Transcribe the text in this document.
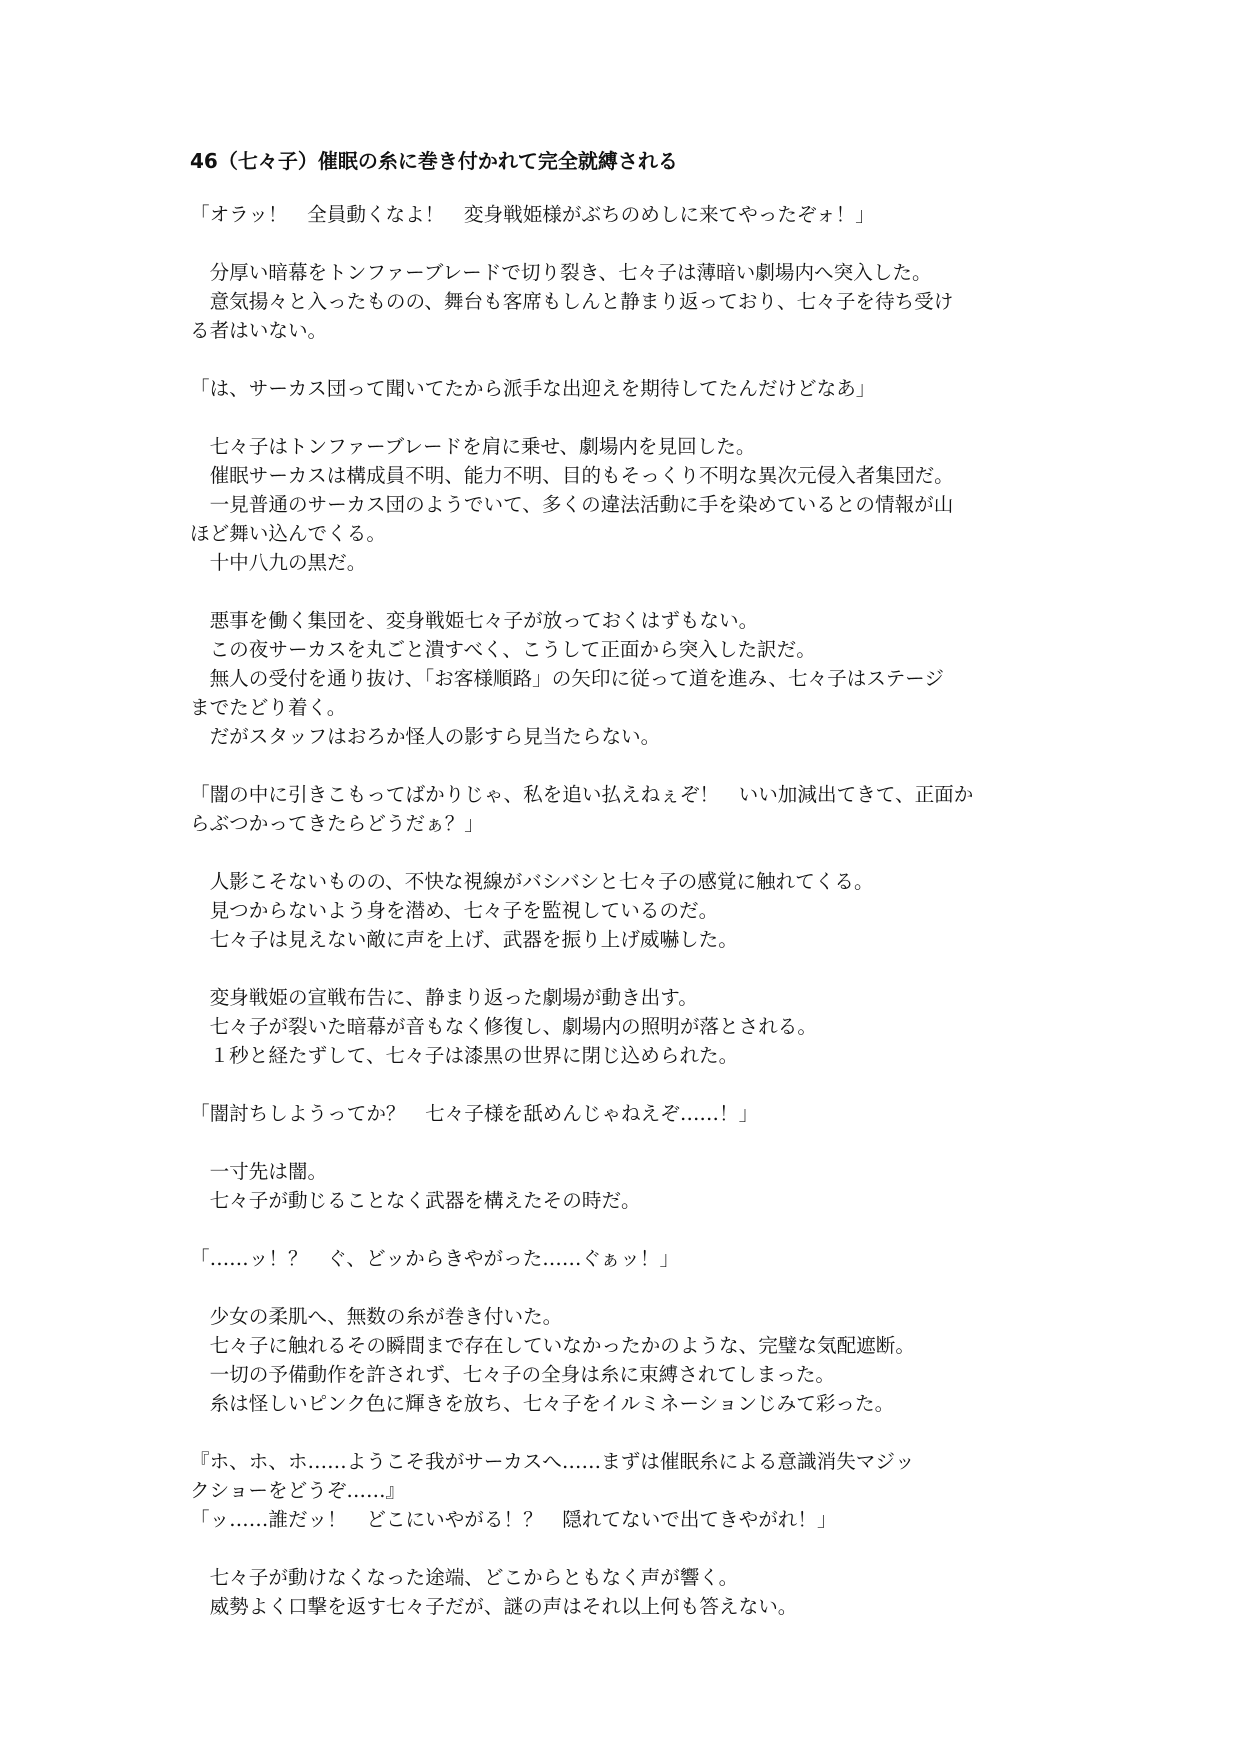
46（七々子）催眠の糸に巻き付かれて完全就縛される
「オラッ！　全員動くなよ！　変身戦姫様がぶちのめしに来てやったぞォ！」
　分厚い暗幕をトンファーブレードで切り裂き、七々子は薄暗い劇場内へ突入した。
　意気揚々と入ったものの、舞台も客席もしんと静まり返っており、七々子を待ち受け
る者はいない。
「は、サーカス団って聞いてたから派手な出迎えを期待してたんだけどなあ」
　七々子はトンファーブレードを肩に乗せ、劇場内を見回した。
　催眠サーカスは構成員不明、能力不明、目的もそっくり不明な異次元侵入者集団だ。
　一見普通のサーカス団のようでいて、多くの違法活動に手を染めているとの情報が山
ほど舞い込んでくる。
　十中八九の黒だ。
　悪事を働く集団を、変身戦姫七々子が放っておくはずもない。
　この夜サーカスを丸ごと潰すべく、こうして正面から突入した訳だ。
　無人の受付を通り抜け、「お客様順路」の矢印に従って道を進み、七々子はステージ
までたどり着く。
　だがスタッフはおろか怪人の影すら見当たらない。
「闇の中に引きこもってばかりじゃ、私を追い払えねぇぞ！　いい加減出てきて、正面か
らぶつかってきたらどうだぁ？」
　人影こそないものの、不快な視線がバシバシと七々子の感覚に触れてくる。
　見つからないよう身を潜め、七々子を監視しているのだ。
　七々子は見えない敵に声を上げ、武器を振り上げ威嚇した。
　変身戦姫の宣戦布告に、静まり返った劇場が動き出す。
　七々子が裂いた暗幕が音もなく修復し、劇場内の照明が落とされる。
　１秒と経たずして、七々子は漆黒の世界に閉じ込められた。
「闇討ちしようってか？　七々子様を舐めんじゃねえぞ……！」
　一寸先は闇。
　七々子が動じることなく武器を構えたその時だ。
「……ッ！？　ぐ、どッからきやがった……ぐぁッ！」
　少女の柔肌へ、無数の糸が巻き付いた。
　七々子に触れるその瞬間まで存在していなかったかのような、完璧な気配遮断。
　一切の予備動作を許されず、七々子の全身は糸に束縛されてしまった。
　糸は怪しいピンク色に輝きを放ち、七々子をイルミネーションじみて彩った。
『ホ、ホ、ホ……ようこそ我がサーカスへ……まずは催眠糸による意識消失マジッ
クショーをどうぞ……』
「ッ……誰だッ！　どこにいやがる！？　隠れてないで出てきやがれ！」
　七々子が動けなくなった途端、どこからともなく声が響く。
　威勢よく口撃を返す七々子だが、謎の声はそれ以上何も答えない。
